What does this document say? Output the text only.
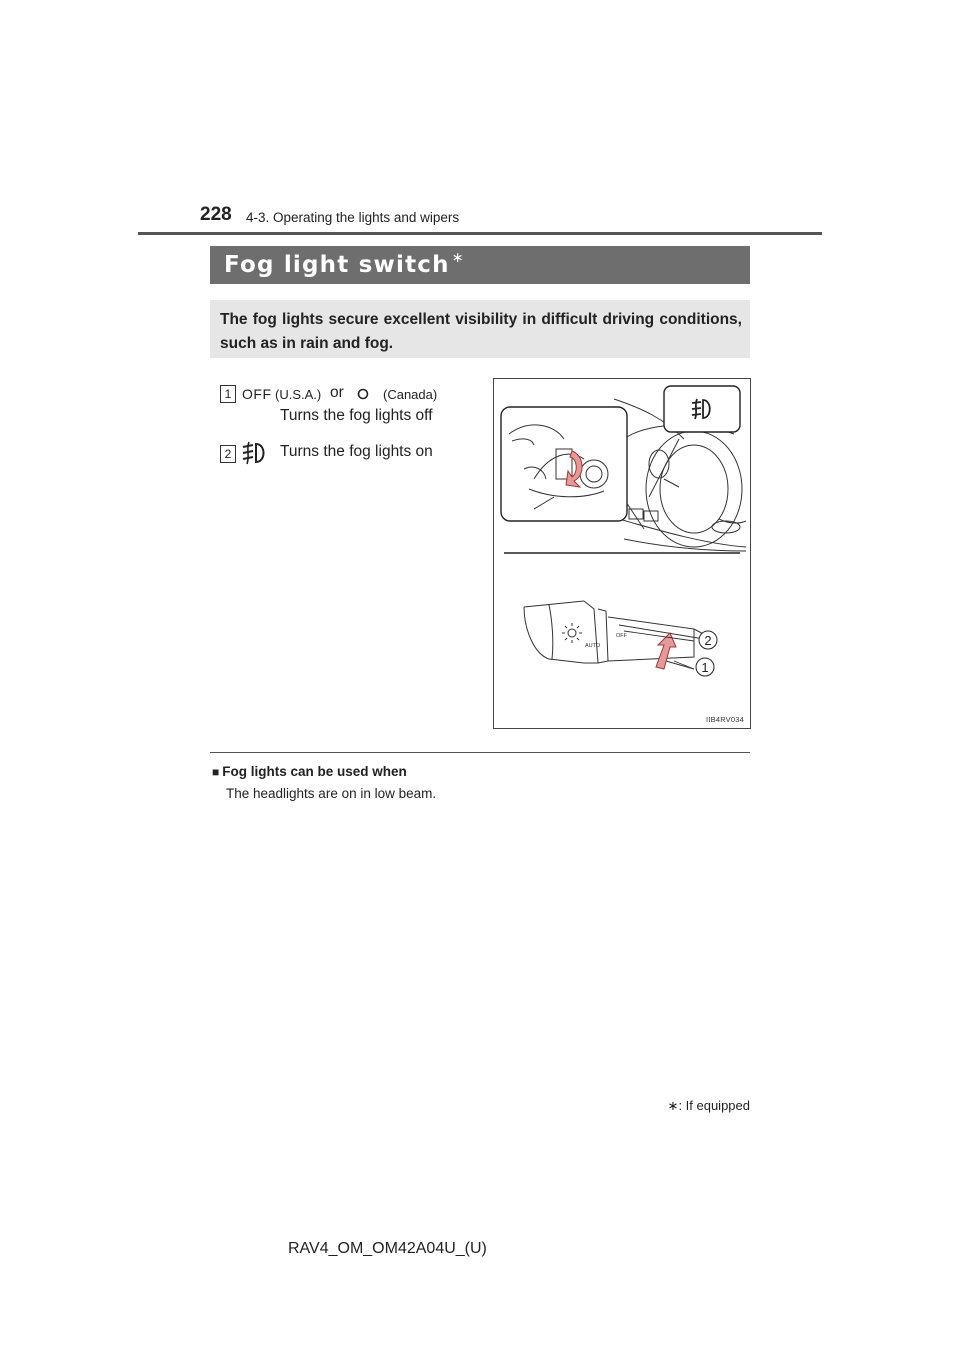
228 4-3. Operating the lights and wipers
Fog light switch ∗
The fog lights secure excellent visibility in difficult driving conditions, such as in rain and fog.
1 OFF (U.S.A.) or	(Canada)
Turns the fog lights off
2	Turns the fog lights on
AUTO
OFF	2
1
IIB4RV034
■ Fog lights can be used when
The headlights are on in low beam.
∗: If equipped
RAV4_OM_OM42A04U_(U)
